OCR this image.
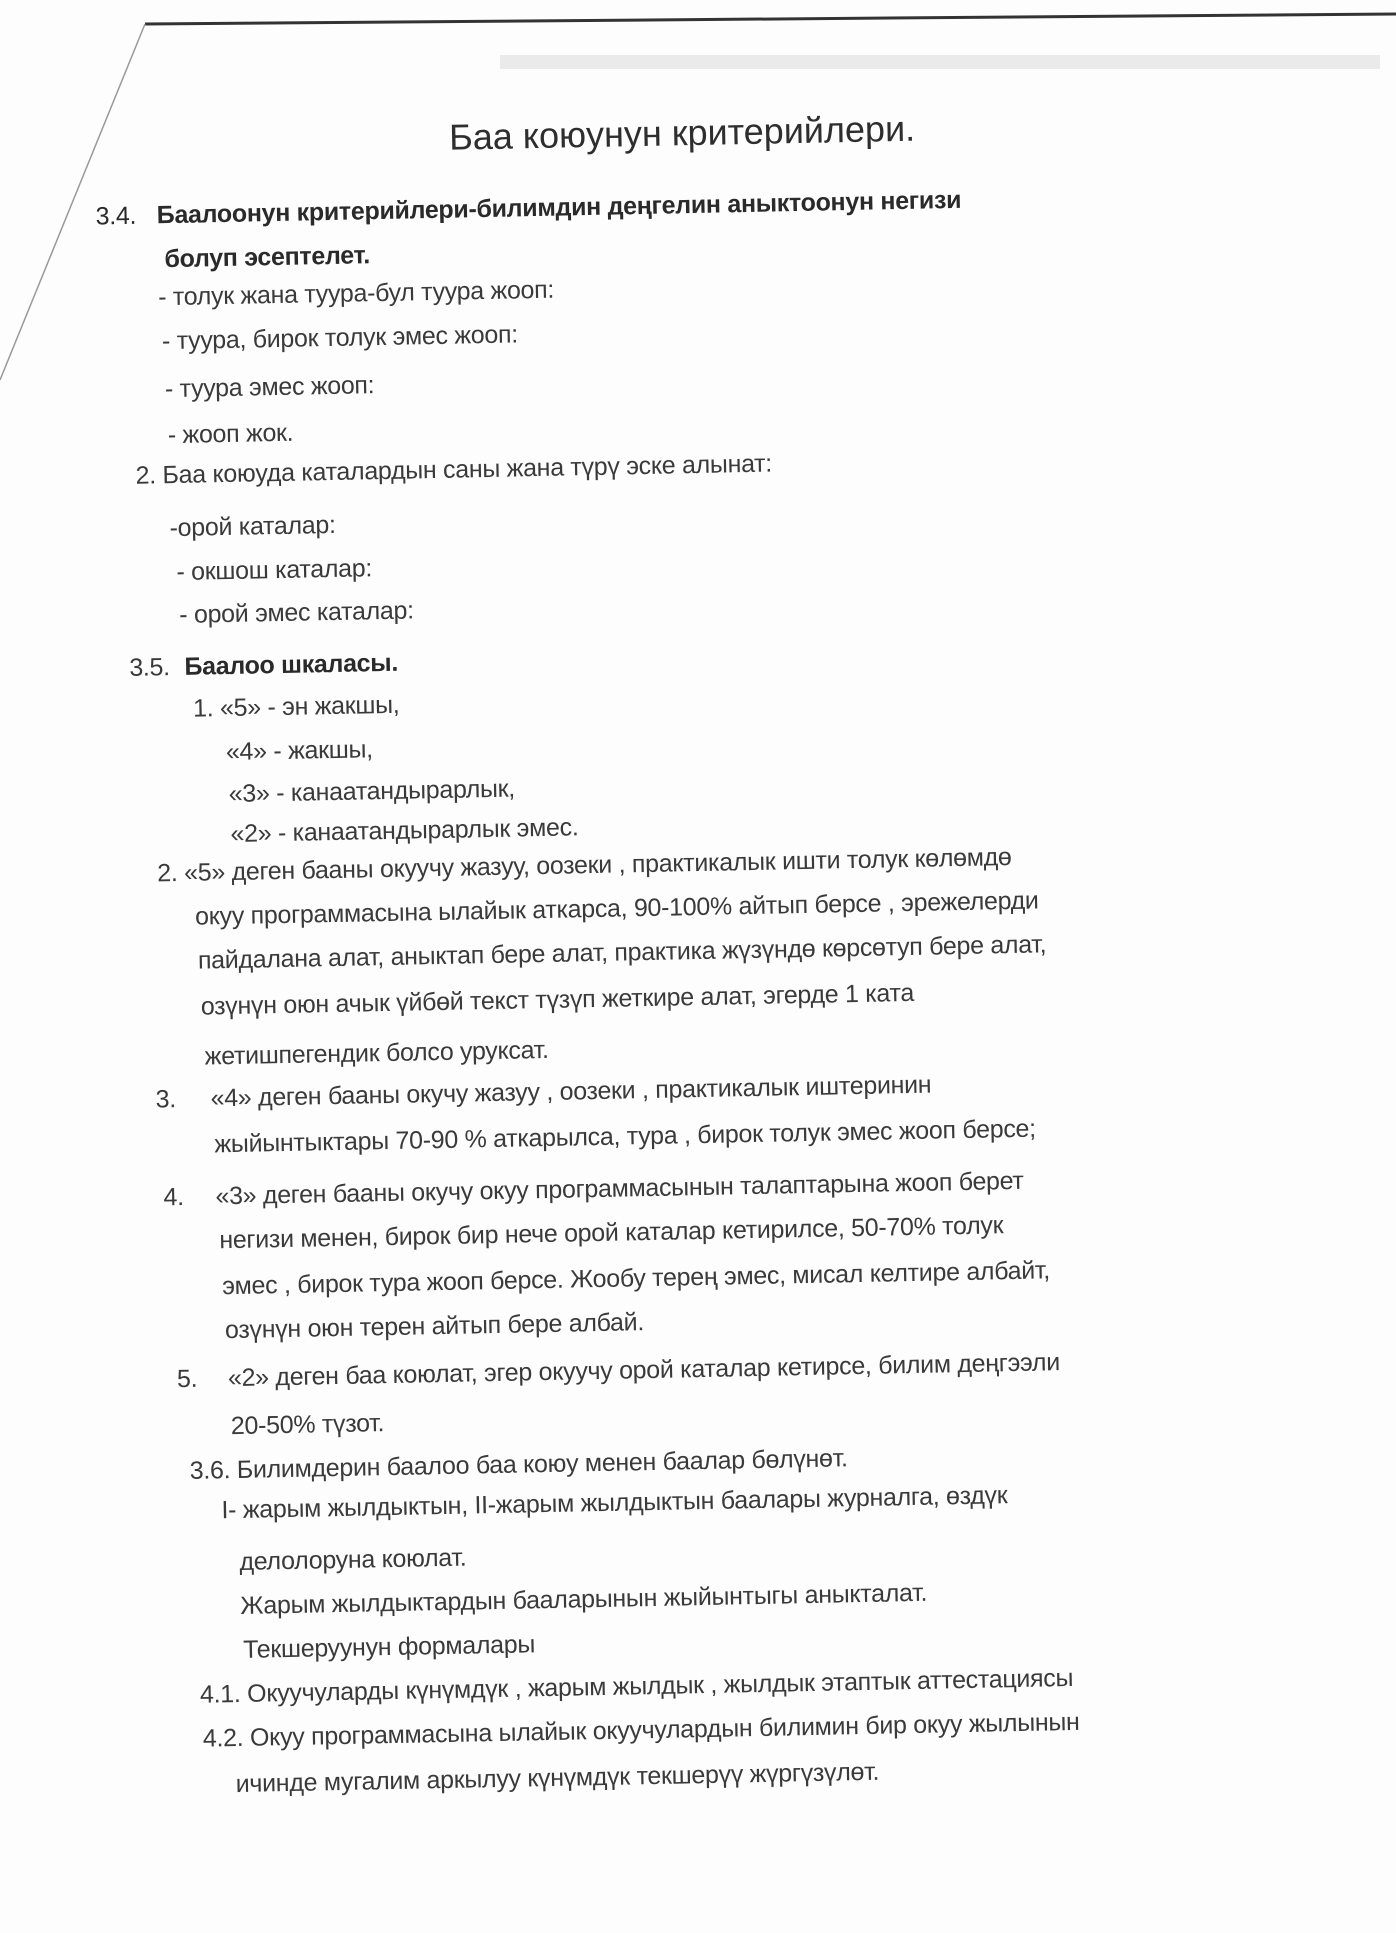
Баа коюунун критерийлери.
3.4. Баалоонун критерийлери-билимдин деңгелин аныктоонун негизи
болуп эсептелет.
- толук жана туура-бул туура жооп:
- туура, бирок толук эмес жооп:
- туура эмес жооп:
- жооп жок.
2. Баа коюуда каталардын саны жана түрү эске алынат:
-орой каталар:
- окшош каталар:
- орой эмес каталар:
3.5. Баалоо шкаласы.
1. «5» - эн жакшы,
«4» - жакшы,
«3» - канаатандырарлык,
«2» - канаатандырарлык эмес.
2. «5» деген бааны окуучу жазуу, оозеки , практикалык ишти толук көлөмдө
окуу программасына ылайык аткарса, 90-100% айтып берсе , эрежелерди
пайдалана алат, аныктап бере алат, практика жүзүндө көрсөтуп бере алат,
озүнүн оюн ачык үйбөй текст түзүп жеткире алат, эгерде 1 ката
жетишпегендик болсо уруксат.
3. «4» деген бааны окучу жазуу , оозеки , практикалык иштеринин
жыйынтыктары 70-90 % аткарылса, тура , бирок толук эмес жооп берсе;
4. «3» деген бааны окучу окуу программасынын талаптарына жооп берет
негизи менен, бирок бир нече орой каталар кетирилсе, 50-70% толук
эмес , бирок тура жооп берсе. Жообу терең эмес, мисал келтире албайт,
озүнүн оюн терен айтып бере албай.
5. «2» деген баа коюлат, эгер окуучу орой каталар кетирсе, билим деңгээли
20-50% түзот.
3.6. Билимдерин баалоо баа коюу менен баалар бөлүнөт.
I- жарым жылдыктын, II-жарым жылдыктын баалары журналга, өздүк
делолоруна коюлат.
Жарым жылдыктардын бааларынын жыйынтыгы аныкталат.
Текшеруунун формалары
4.1. Окуучуларды күнүмдүк , жарым жылдык , жылдык этаптык аттестациясы
4.2. Окуу программасына ылайык окуучулардын билимин бир окуу жылынын
ичинде мугалим аркылуу күнүмдүк текшерүү жүргүзүлөт.
